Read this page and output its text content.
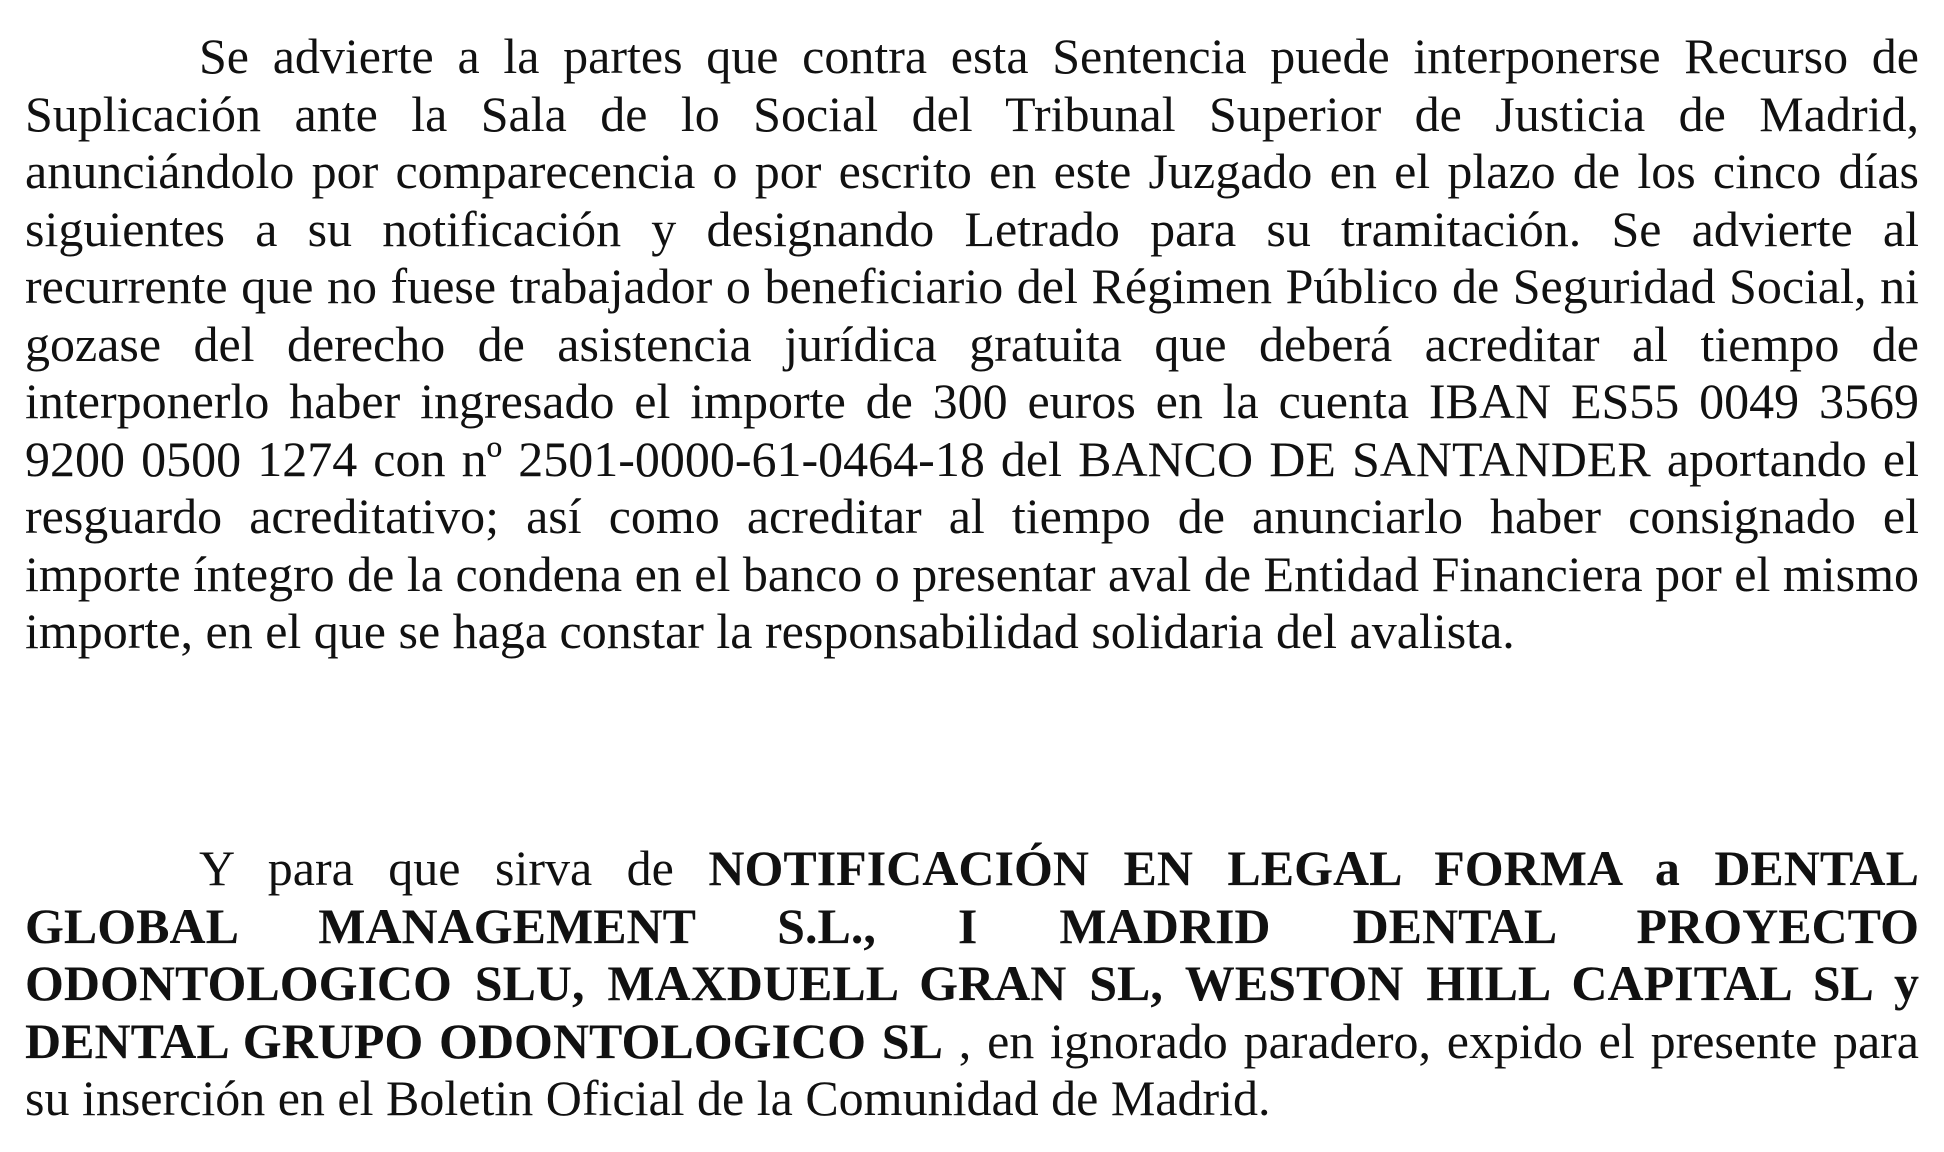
Se advierte a la partes que contra esta Sentencia puede interponerse Recurso de Suplicación ante la Sala de lo Social del Tribunal Superior de Justicia de Madrid, anunciándolo por comparecencia o por escrito en este Juzgado en el plazo de los cinco días siguientes a su notificación y designando Letrado para su tramitación. Se advierte al recurrente que no fuese trabajador o beneficiario del Régimen Público de Seguridad Social, ni gozase del derecho de asistencia jurídica gratuita que deberá acreditar al tiempo de interponerlo haber ingresado el importe de 300 euros en la cuenta IBAN ES55 0049 3569 9200 0500 1274 con nº 2501-0000-61-0464-18 del BANCO DE SANTANDER aportando el resguardo acreditativo; así como acreditar al tiempo de anunciarlo haber consignado el importe íntegro de la condena en el banco o presentar aval de Entidad Financiera por el mismo importe, en el que se haga constar la responsabilidad solidaria del avalista.

Y para que sirva de NOTIFICACIÓN EN LEGAL FORMA a DENTAL GLOBAL MANAGEMENT S.L., I MADRID DENTAL PROYECTO ODONTOLOGICO SLU, MAXDUELL GRAN SL, WESTON HILL CAPITAL SL y DENTAL GRUPO ODONTOLOGICO SL , en ignorado paradero, expido el presente para su inserción en el Boletin Oficial de la Comunidad de Madrid.
